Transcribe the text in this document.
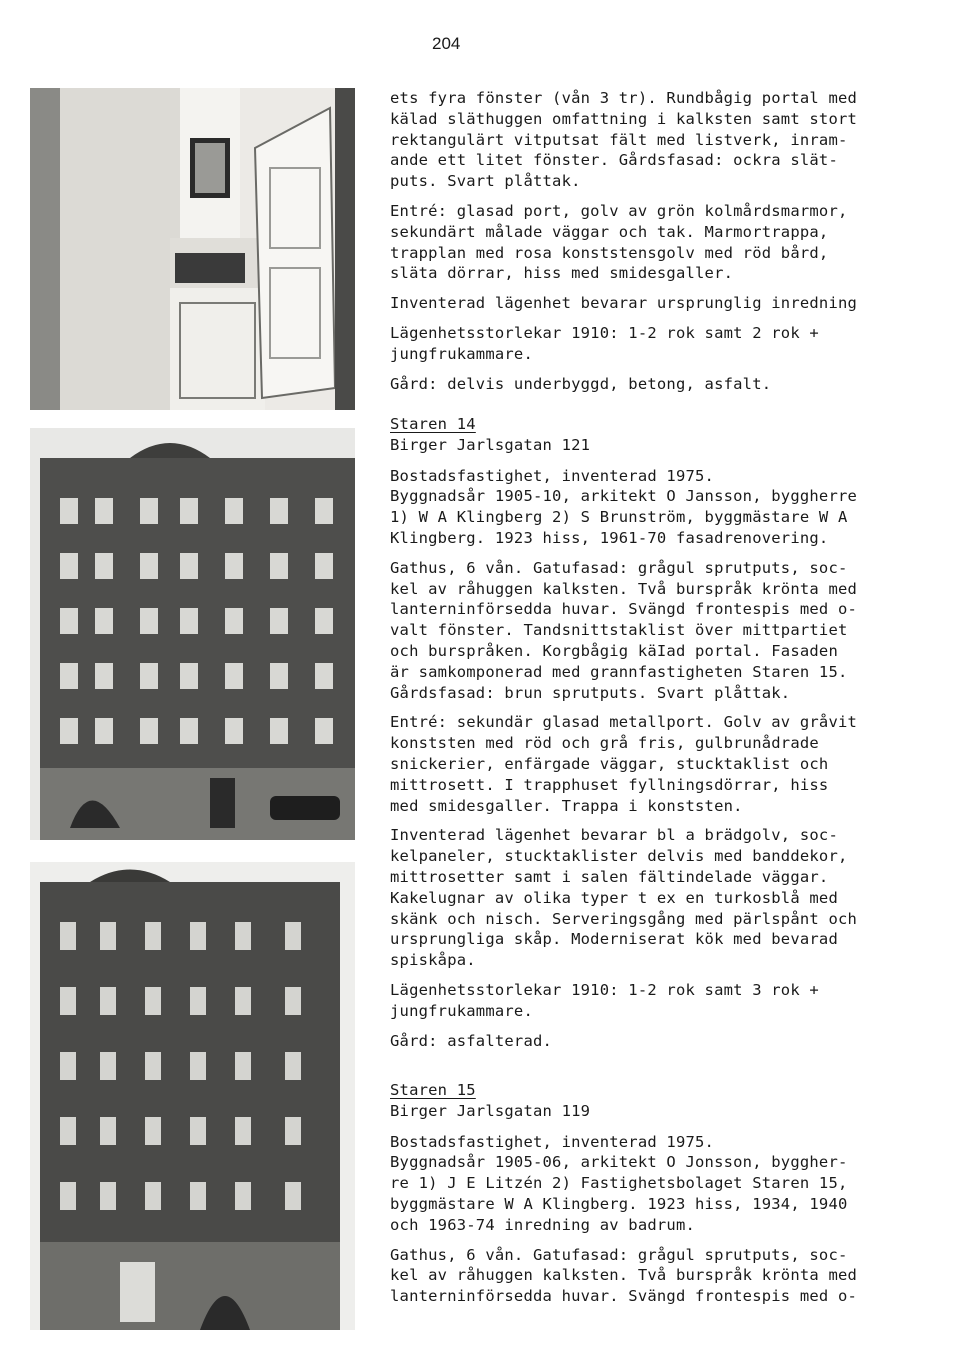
204

ets fyra fönster (vån 3 tr). Rundbågig portal med
kälad släthuggen omfattning i kalksten samt stort
rektangulärt vitputsat fält med listverk, inram-
ande ett litet fönster. Gårdsfasad: ockra slät-
puts. Svart plåttak.

Entré: glasad port, golv av grön kolmårdsmarmor,
sekundärt målade väggar och tak. Marmortrappa,
trapplan med rosa konststensgolv med röd bård,
släta dörrar, hiss med smidesgaller.

Inventerad lägenhet bevarar ursprunglig inredning

Lägenhetsstorlekar 1910: 1-2 rok samt 2 rok +
jungfrukammare.

Gård: delvis underbyggd, betong, asfalt.

Staren 14
Birger Jarlsgatan 121

Bostadsfastighet, inventerad 1975.
Byggnadsår 1905-10, arkitekt O Jansson, byggherre
1) W A Klingberg 2) S Brunström, byggmästare W A
Klingberg. 1923 hiss, 1961-70 fasadrenovering.

Gathus, 6 vån. Gatufasad: grågul sprutputs, soc-
kel av råhuggen kalksten. Två burspråk krönta med
lanterninförsedda huvar. Svängd frontespis med o-
valt fönster. Tandsnittstaklist över mittpartiet
och burspråken. Korgbågig käIad portal. Fasaden
är samkomponerad med grannfastigheten Staren 15.
Gårdsfasad: brun sprutputs. Svart plåttak.

Entré: sekundär glasad metallport. Golv av gråvit
konststen med röd och grå fris, gulbrunådrade
snickerier, enfärgade väggar, stucktaklist och
mittrosett. I trapphuset fyllningsdörrar, hiss
med smidesgaller. Trappa i konststen.

Inventerad lägenhet bevarar bl a brädgolv, soc-
kelpaneler, stucktaklister delvis med banddekor,
mittrosetter samt i salen fältindelade väggar.
Kakelugnar av olika typer t ex en turkosblå med
skänk och nisch. Serveringsgång med pärlspånt och
ursprungliga skåp. Moderniserat kök med bevarad
spiskåpa.

Lägenhetsstorlekar 1910: 1-2 rok samt 3 rok +
jungfrukammare.

Gård: asfalterad.

Staren 15
Birger Jarlsgatan 119

Bostadsfastighet, inventerad 1975.
Byggnadsår 1905-06, arkitekt O Jonsson, byggher-
re 1) J E Litzén 2) Fastighetsbolaget Staren 15,
byggmästare W A Klingberg. 1923 hiss, 1934, 1940
och 1963-74 inredning av badrum.

Gathus, 6 vån. Gatufasad: grågul sprutputs, soc-
kel av råhuggen kalksten. Två burspråk krönta med
lanterninförsedda huvar. Svängd frontespis med o-
